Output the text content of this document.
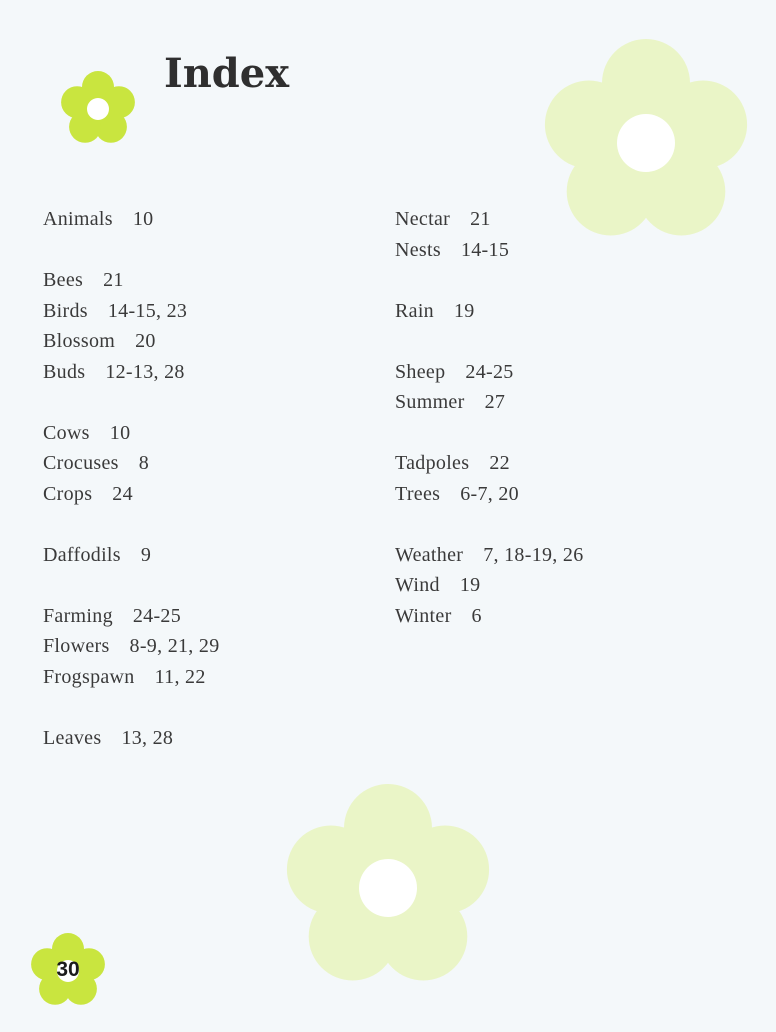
Index
Animals 10
Bees 21
Birds 14-15, 23
Blossom 20
Buds 12-13, 28
Cows 10
Crocuses 8
Crops 24
Daffodils 9
Farming 24-25
Flowers 8-9, 21, 29
Frogspawn 11, 22
Leaves 13, 28
Nectar 21
Nests 14-15
Rain 19
Sheep 24-25
Summer 27
Tadpoles 22
Trees 6-7, 20
Weather 7, 18-19, 26
Wind 19
Winter 6
30
